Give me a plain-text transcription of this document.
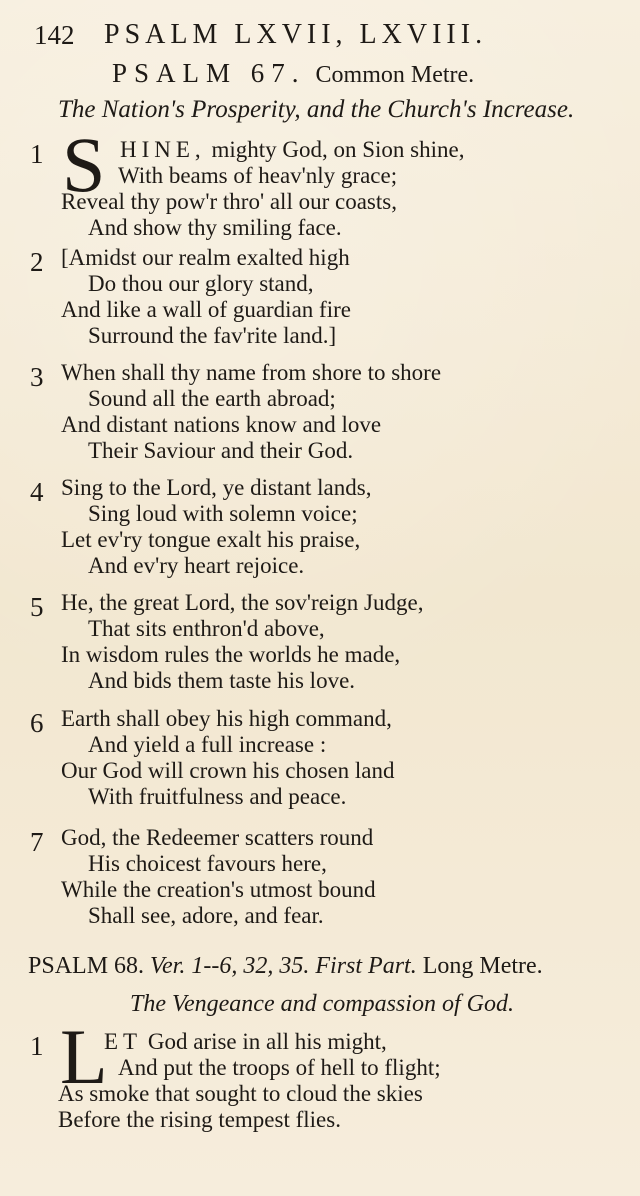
142 PSALM LXVII, LXVIII.
PSALM 67. Common Metre.
The Nation's Prosperity, and the Church's Increase.
1 S HINE, mighty God, on Sion shine,
With beams of heav'nly grace;
Reveal thy pow'r thro' all our coasts,
And show thy smiling face.
2 [Amidst our realm exalted high
Do thou our glory stand,
And like a wall of guardian fire
Surround the fav'rite land.]
3 When shall thy name from shore to shore
Sound all the earth abroad;
And distant nations know and love
Their Saviour and their God.
4 Sing to the Lord, ye distant lands,
Sing loud with solemn voice;
Let ev'ry tongue exalt his praise,
And ev'ry heart rejoice.
5 He, the great Lord, the sov'reign Judge,
That sits enthron'd above,
In wisdom rules the worlds he made,
And bids them taste his love.
6 Earth shall obey his high command,
And yield a full increase :
Our God will crown his chosen land
With fruitfulness and peace.
7 God, the Redeemer scatters round
His choicest favours here,
While the creation's utmost bound
Shall see, adore, and fear.
PSALM 68. Ver. 1--6, 32, 35. First Part. Long Metre.
The Vengeance and compassion of God.
1 L
ET God arise in all his might,
And put the troops of hell to flight;
As smoke that sought to cloud the skies
Before the rising tempest flies.
